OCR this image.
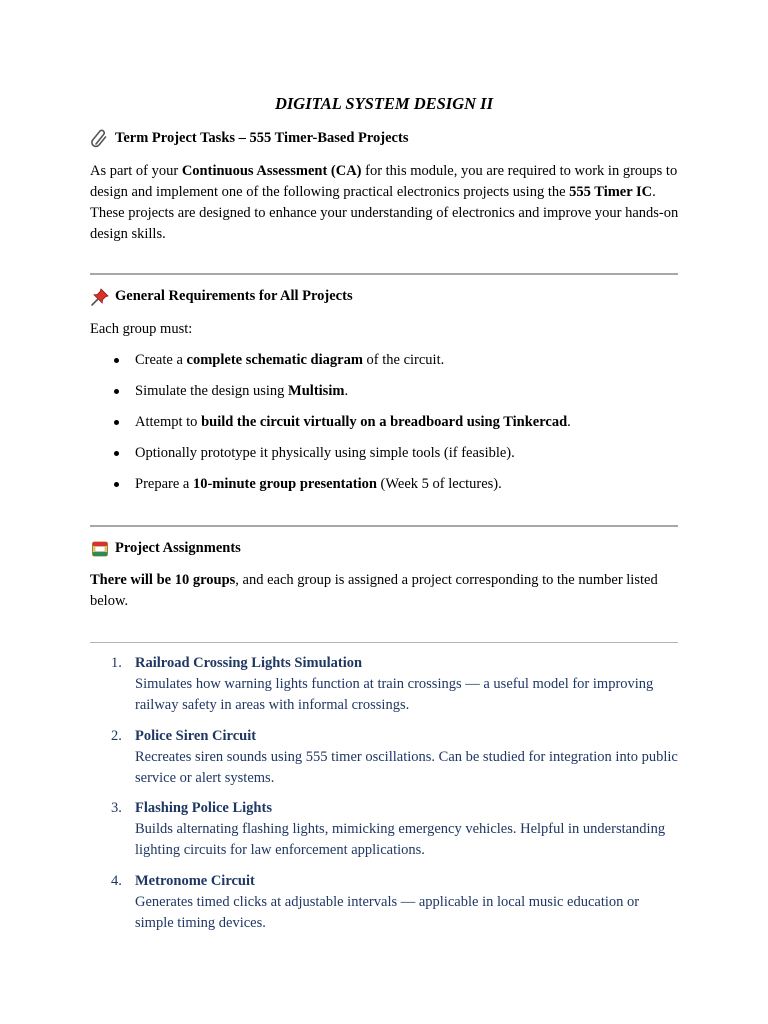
DIGITAL SYSTEM DESIGN II
Term Project Tasks – 555 Timer-Based Projects

As part of your Continuous Assessment (CA) for this module, you are required to work in groups to design and implement one of the following practical electronics projects using the 555 Timer IC. These projects are designed to enhance your understanding of electronics and improve your hands-on design skills.

General Requirements for All Projects

Each group must:

Create a complete schematic diagram of the circuit.
Simulate the design using Multisim.
Attempt to build the circuit virtually on a breadboard using Tinkercad.
Optionally prototype it physically using simple tools (if feasible).
Prepare a 10-minute group presentation (Week 5 of lectures).
Project Assignments

There will be 10 groups, and each group is assigned a project corresponding to the number listed below.

1. Railroad Crossing Lights Simulation
Simulates how warning lights function at train crossings — a useful model for improving railway safety in areas with informal crossings.
2. Police Siren Circuit
Recreates siren sounds using 555 timer oscillations. Can be studied for integration into public service or alert systems.
3. Flashing Police Lights
Builds alternating flashing lights, mimicking emergency vehicles. Helpful in understanding lighting circuits for law enforcement applications.
4. Metronome Circuit
Generates timed clicks at adjustable intervals — applicable in local music education or simple timing devices.
